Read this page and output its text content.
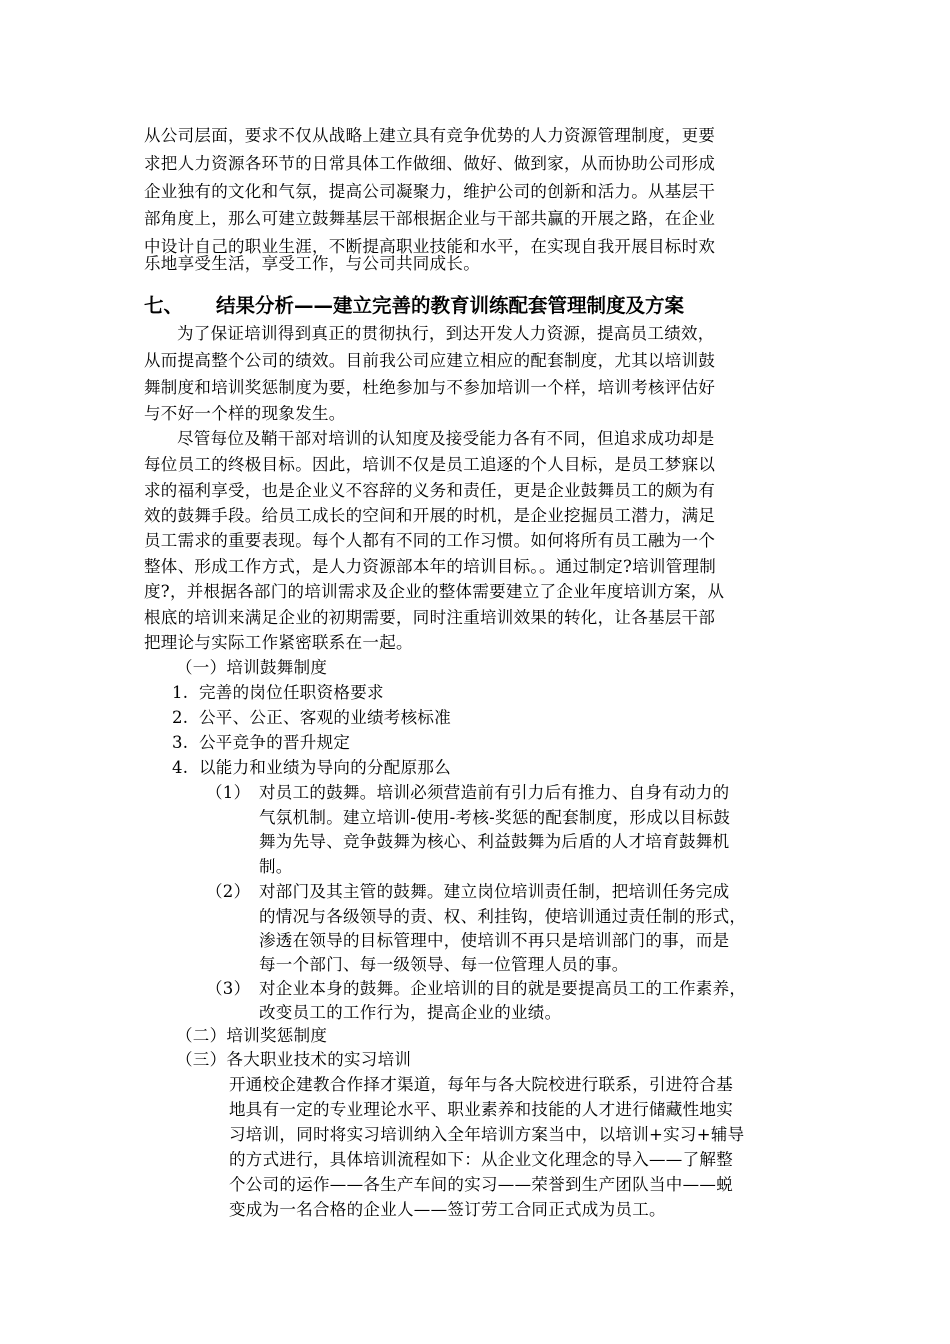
从公司层面，要求不仅从战略上建立具有竞争优势的人力资源管理制度，更要
求把人力资源各环节的日常具体工作做细、做好、做到家，从而协助公司形成
企业独有的文化和气氛，提高公司凝聚力，维护公司的创新和活力。从基层干
部角度上，那么可建立鼓舞基层干部根据企业与干部共赢的开展之路，在企业
中设计自己的职业生涯，不断提高职业技能和水平，在实现自我开展目标时欢
乐地享受生活，享受工作，与公司共同成长。
七、 结果分析——建立完善的教育训练配套管理制度及方案
为了保证培训得到真正的贯彻执行，到达开发人力资源，提高员工绩效，
从而提高整个公司的绩效。目前我公司应建立相应的配套制度，尤其以培训鼓
舞制度和培训奖惩制度为要，杜绝参加与不参加培训一个样，培训考核评估好
与不好一个样的现象发生。
尽管每位及鞘干部对培训的认知度及接受能力各有不同，但追求成功却是
每位员工的终极目标。因此，培训不仅是员工追逐的个人目标，是员工梦寐以
求的福利享受，也是企业义不容辞的义务和责任，更是企业鼓舞员工的颇为有
效的鼓舞手段。给员工成长的空间和开展的时机，是企业挖掘员工潜力，满足
员工需求的重要表现。每个人都有不同的工作习惯。如何将所有员工融为一个
整体、形成工作方式，是人力资源部本年的培训目标。。通过制定?培训管理制
度?，并根据各部门的培训需求及企业的整体需要建立了企业年度培训方案，从
根底的培训来满足企业的初期需要，同时注重培训效果的转化，让各基层干部
把理论与实际工作紧密联系在一起。
（一）培训鼓舞制度
1. 完善的岗位任职资格要求
2. 公平、公正、客观的业绩考核标准
3. 公平竞争的晋升规定
4. 以能力和业绩为导向的分配原那么
（1） 对员工的鼓舞。培训必须营造前有引力后有推力、自身有动力的
气氛机制。建立培训-使用-考核-奖惩的配套制度，形成以目标鼓
舞为先导、竞争鼓舞为核心、利益鼓舞为后盾的人才培育鼓舞机
制。
（2） 对部门及其主管的鼓舞。建立岗位培训责任制，把培训任务完成
的情况与各级领导的责、权、利挂钩，使培训通过责任制的形式，
渗透在领导的目标管理中，使培训不再只是培训部门的事，而是
每一个部门、每一级领导、每一位管理人员的事。
（3） 对企业本身的鼓舞。企业培训的目的就是要提高员工的工作素养，
改变员工的工作行为，提高企业的业绩。
（二）培训奖惩制度
（三）各大职业技术的实习培训
开通校企建教合作择才渠道，每年与各大院校进行联系，引进符合基
地具有一定的专业理论水平、职业素养和技能的人才进行储藏性地实
习培训，同时将实习培训纳入全年培训方案当中，以培训+实习+辅导
的方式进行，具体培训流程如下：从企业文化理念的导入——了解整
个公司的运作——各生产车间的实习——荣誉到生产团队当中——蜕
变成为一名合格的企业人——签订劳工合同正式成为员工。
